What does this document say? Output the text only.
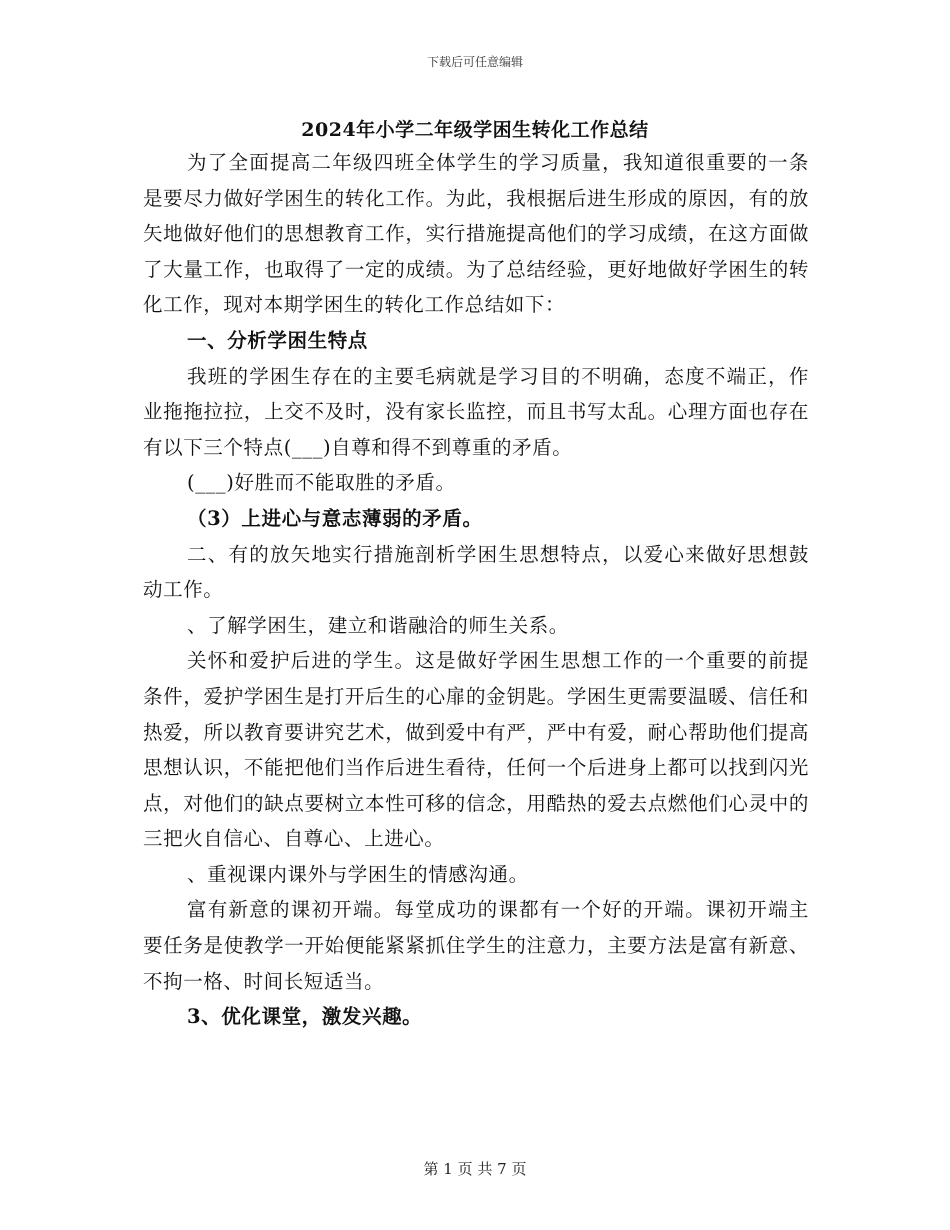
下载后可任意编辑
2024年小学二年级学困生转化工作总结

为了全面提高二年级四班全体学生的学习质量，我知道很重要的一条是要尽力做好学困生的转化工作。为此，我根据后进生形成的原因，有的放矢地做好他们的思想教育工作，实行措施提高他们的学习成绩，在这方面做了大量工作，也取得了一定的成绩。为了总结经验，更好地做好学困生的转化工作，现对本期学困生的转化工作总结如下：

一、分析学困生特点

我班的学困生存在的主要毛病就是学习目的不明确，态度不端正，作业拖拖拉拉，上交不及时，没有家长监控，而且书写太乱。心理方面也存在有以下三个特点(___)自尊和得不到尊重的矛盾。

(___)好胜而不能取胜的矛盾。

（3）上进心与意志薄弱的矛盾。

二、有的放矢地实行措施剖析学困生思想特点，以爱心来做好思想鼓动工作。

、了解学困生，建立和谐融洽的师生关系。

关怀和爱护后进的学生。这是做好学困生思想工作的一个重要的前提条件，爱护学困生是打开后生的心扉的金钥匙。学困生更需要温暖、信任和热爱，所以教育要讲究艺术，做到爱中有严，严中有爱，耐心帮助他们提高思想认识，不能把他们当作后进生看待，任何一个后进身上都可以找到闪光点，对他们的缺点要树立本性可移的信念，用酷热的爱去点燃他们心灵中的三把火自信心、自尊心、上进心。

、重视课内课外与学困生的情感沟通。

富有新意的课初开端。每堂成功的课都有一个好的开端。课初开端主要任务是使教学一开始便能紧紧抓住学生的注意力，主要方法是富有新意、不拘一格、时间长短适当。

3、优化课堂，激发兴趣。

第 1 页 共 7 页
